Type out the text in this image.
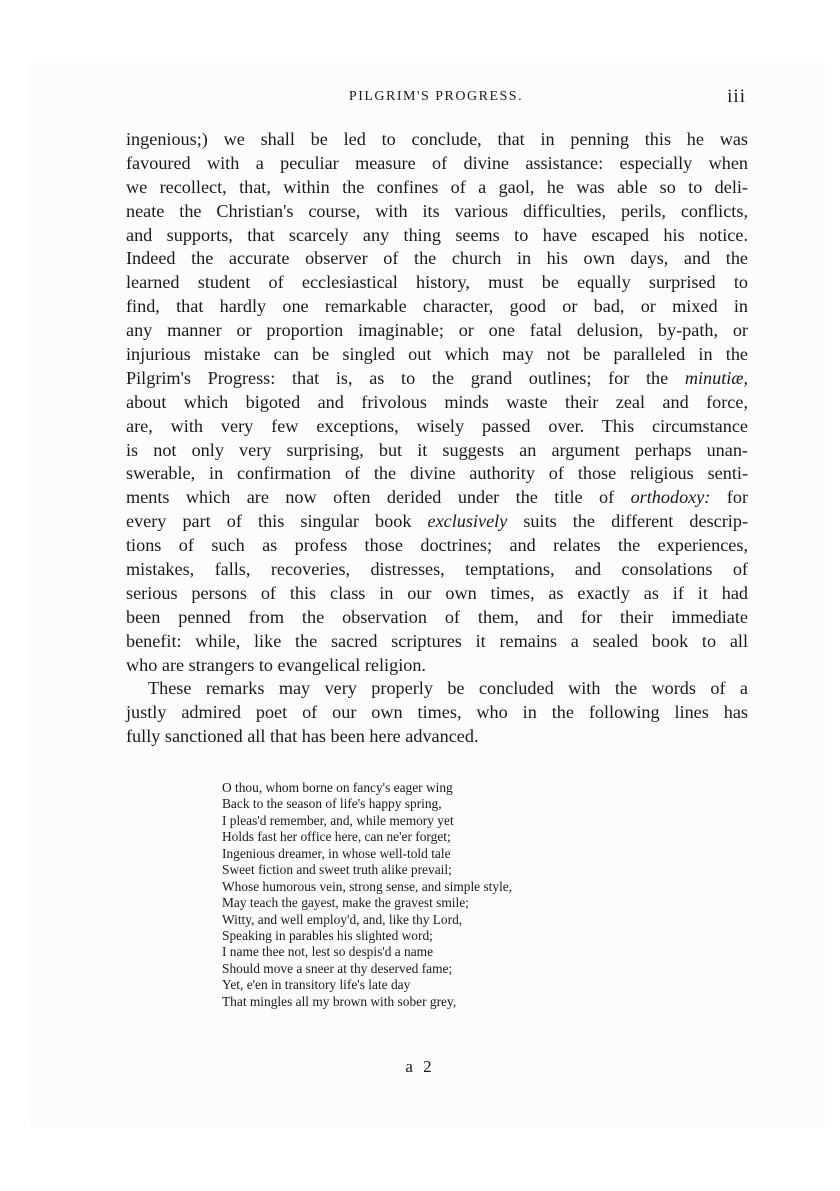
PILGRIM'S PROGRESS.	iii
ingenious;) we shall be led to conclude, that in penning this he was
favoured with a peculiar measure of divine assistance: especially when
we recollect, that, within the confines of a gaol, he was able so to deli-
neate the Christian's course, with its various difficulties, perils, conflicts,
and supports, that scarcely any thing seems to have escaped his notice.
Indeed the accurate observer of the church in his own days, and the
learned student of ecclesiastical history, must be equally surprised to
find, that hardly one remarkable character, good or bad, or mixed in
any manner or proportion imaginable; or one fatal delusion, by-path, or
injurious mistake can be singled out which may not be paralleled in the
Pilgrim's Progress: that is, as to the grand outlines; for the minutiæ,
about which bigoted and frivolous minds waste their zeal and force,
are, with very few exceptions, wisely passed over. This circumstance
is not only very surprising, but it suggests an argument perhaps unan-
swerable, in confirmation of the divine authority of those religious senti-
ments which are now often derided under the title of orthodoxy: for
every part of this singular book exclusively suits the different descrip-
tions of such as profess those doctrines; and relates the experiences,
mistakes, falls, recoveries, distresses, temptations, and consolations of
serious persons of this class in our own times, as exactly as if it had
been penned from the observation of them, and for their immediate
benefit: while, like the sacred scriptures it remains a sealed book to all
who are strangers to evangelical religion.
These remarks may very properly be concluded with the words of a
justly admired poet of our own times, who in the following lines has
fully sanctioned all that has been here advanced.
O thou, whom borne on fancy's eager wing
Back to the season of life's happy spring,
I pleas'd remember, and, while memory yet
Holds fast her office here, can ne'er forget;
Ingenious dreamer, in whose well-told tale
Sweet fiction and sweet truth alike prevail;
Whose humorous vein, strong sense, and simple style,
May teach the gayest, make the gravest smile;
Witty, and well employ'd, and, like thy Lord,
Speaking in parables his slighted word;
I name thee not, lest so despis'd a name
Should move a sneer at thy deserved fame;
Yet, e'en in transitory life's late day
That mingles all my brown with sober grey,
a 2
